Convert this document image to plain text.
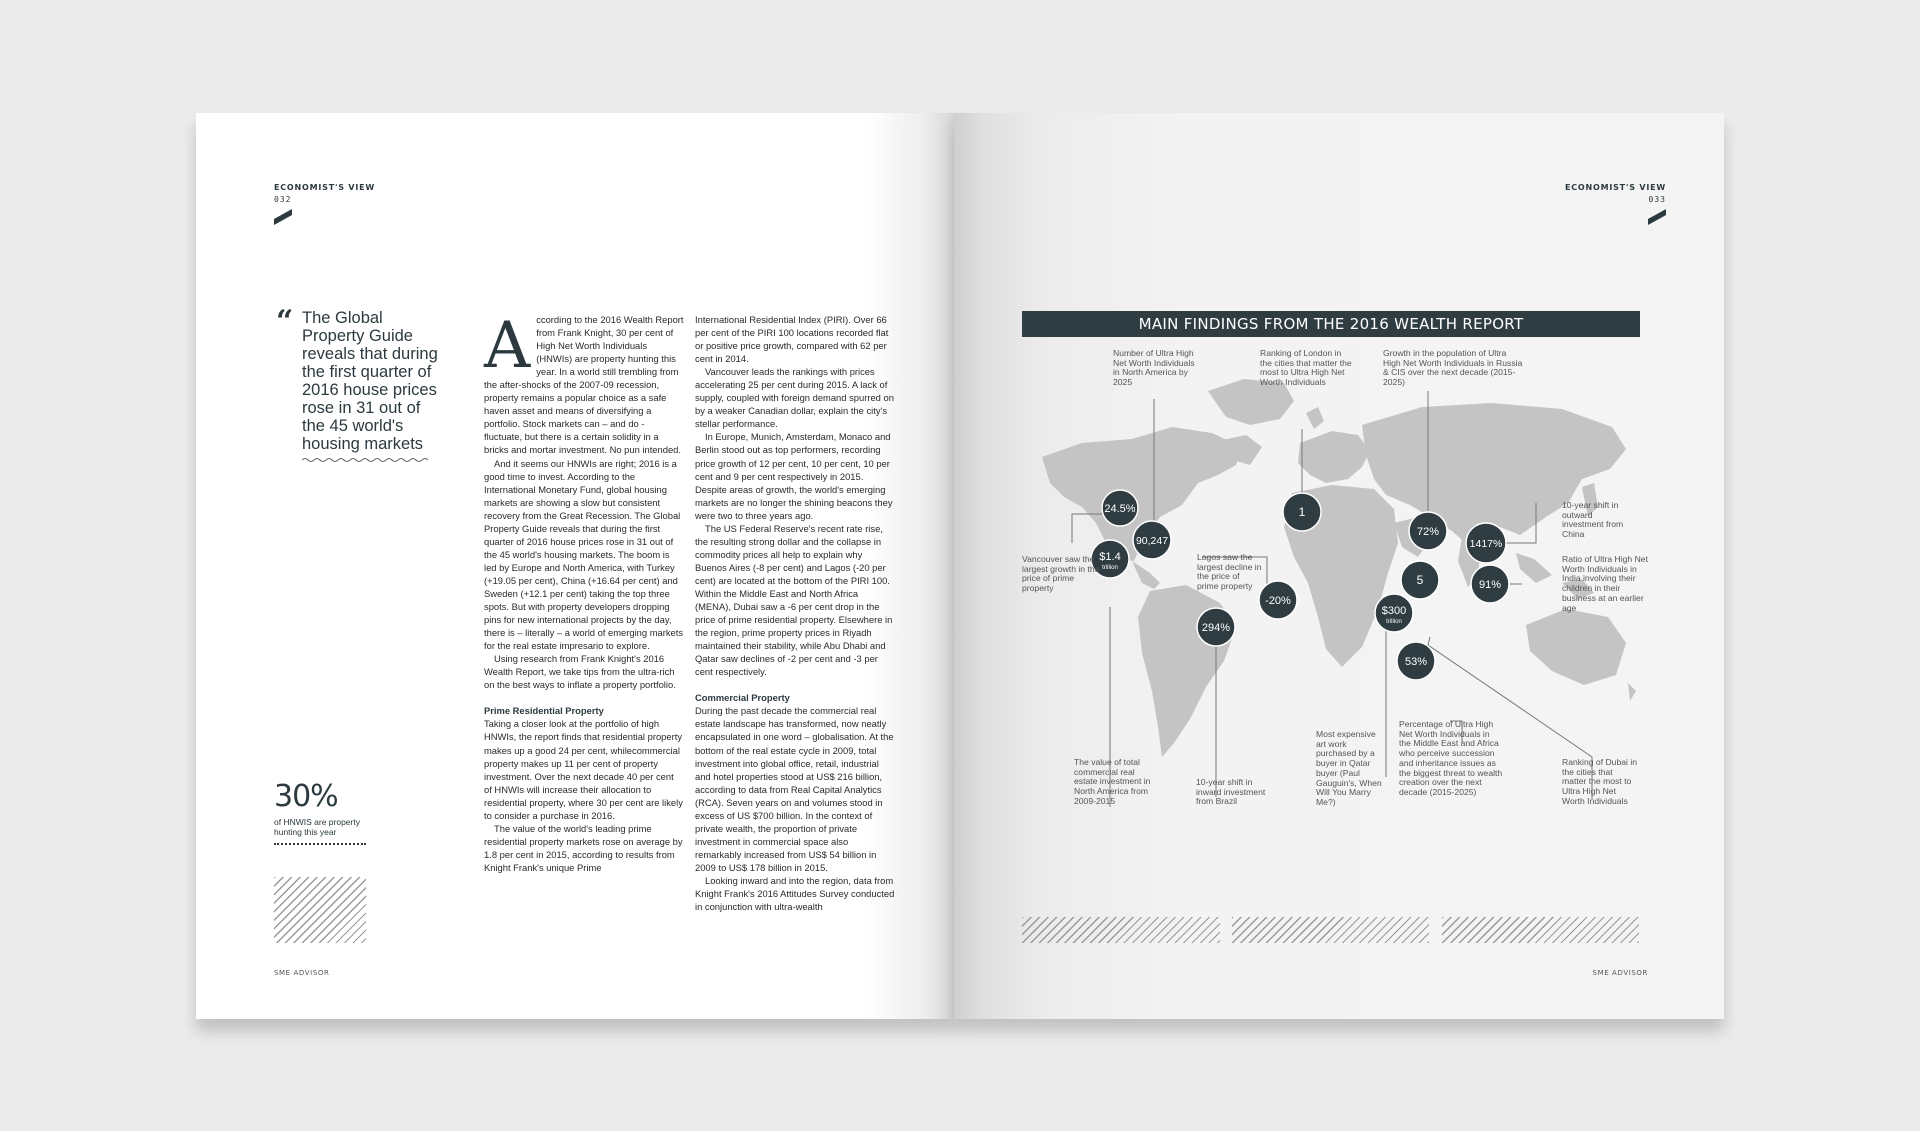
ECONOMIST'S VIEW
032
“ The Global Property Guide reveals that during the first quarter of 2016 house prices rose in 31 out of the 45 world's housing markets
30%
of HNWIS are property hunting this year

According to the 2016 Wealth Report from Frank Knight, 30 per cent of High Net Worth Individuals (HNWIs) are property hunting this year. In a world still trembling from the after-shocks of the 2007-09 recession, property remains a popular choice as a safe haven asset and means of diversifying a portfolio. Stock markets can – and do - fluctuate, but there is a certain solidity in a bricks and mortar investment. No pun intended.

And it seems our HNWIs are right; 2016 is a good time to invest. According to the International Monetary Fund, global housing markets are showing a slow but consistent recovery from the Great Recession. The Global Property Guide reveals that during the first quarter of 2016 house prices rose in 31 out of the 45 world's housing markets. The boom is led by Europe and North America, with Turkey (+19.05 per cent), China (+16.64 per cent) and Sweden (+12.1 per cent) taking the top three spots. But with property developers dropping pins for new international projects by the day, there is – literally – a world of emerging markets for the real estate impresario to explore.

Using research from Frank Knight's 2016 Wealth Report, we take tips from the ultra-rich on the best ways to inflate a property portfolio.

Prime Residential Property

Taking a closer look at the portfolio of high HNWIs, the report finds that residential property makes up a good 24 per cent, whilecommercial property makes up 11 per cent of property investment. Over the next decade 40 per cent of HNWIs will increase their allocation to residential property, where 30 per cent are likely to consider a purchase in 2016.

The value of the world's leading prime residential property markets rose on average by 1.8 per cent in 2015, according to results from Knight Frank's unique Prime

International Residential Index (PIRI). Over 66 per cent of the PIRI 100 locations recorded flat or positive price growth, compared with 62 per cent in 2014.

Vancouver leads the rankings with prices accelerating 25 per cent during 2015. A lack of supply, coupled with foreign demand spurred on by a weaker Canadian dollar, explain the city's stellar performance.

In Europe, Munich, Amsterdam, Monaco and Berlin stood out as top performers, recording price growth of 12 per cent, 10 per cent, 10 per cent and 9 per cent respectively in 2015. Despite areas of growth, the world's emerging markets are no longer the shining beacons they were two to three years ago.

The US Federal Reserve's recent rate rise, the resulting strong dollar and the collapse in commodity prices all help to explain why Buenos Aires (-8 per cent) and Lagos (-20 per cent) are located at the bottom of the PIRI 100. Within the Middle East and North Africa (MENA), Dubai saw a -6 per cent drop in the price of prime residential property. Elsewhere in the region, prime property prices in Riyadh maintained their stability, while Abu Dhabi and Qatar saw declines of -2 per cent and -3 per cent respectively.

Commercial Property

During the past decade the commercial real estate landscape has transformed, now neatly encapsulated in one word – globalisation. At the bottom of the real estate cycle in 2009, total investment into global office, retail, industrial and hotel properties stood at US$ 216 billion, according to data from Real Capital Analytics (RCA). Seven years on and volumes stood in excess of US $700 billion. In the context of private wealth, the proportion of private investment in commercial space also remarkably increased from US$ 54 billion in 2009 to US$ 178 billion in 2015.

Looking inward and into the region, data from Knight Frank's 2016 Attitudes Survey conducted in conjunction with ultra-wealth

SME ADVISOR
ECONOMIST'S VIEW
033
MAIN FINDINGS FROM THE 2016 WEALTH REPORT
24.5%
90,247
$1.4
trillion
294%
1
-20%
72%
5
$300
trillion
53%
1417%
91%
Number of Ultra High Net Worth Individuals in North America by 2025
Ranking of London in the cities that matter the most to Ultra High Net Worth Individuals
Growth in the population of Ultra High Net Worth Individuals in Russia & CIS over the next decade (2015-2025)
10-year shift in outward investment from China
Vancouver saw the largest growth in the price of prime property
Lagos saw the largest decline in the price of prime property
Ratio of Ultra High Net Worth Individuals in India involving their children in their business at an earlier age
The value of total commercial real estate investment in North America from 2009-2015
10-year shift in inward investment from Brazil
Most expensive art work purchased by a buyer in Qatar buyer (Paul Gauguin's, When Will You Marry Me?)
Percentage of Ultra High Net Worth Individuals in the Middle East and Africa who perceive succession and inheritance issues as the biggest threat to wealth creation over the next decade (2015-2025)
Ranking of Dubai in the cities that matter the most to Ultra High Net Worth Individuals
SME ADVISOR
